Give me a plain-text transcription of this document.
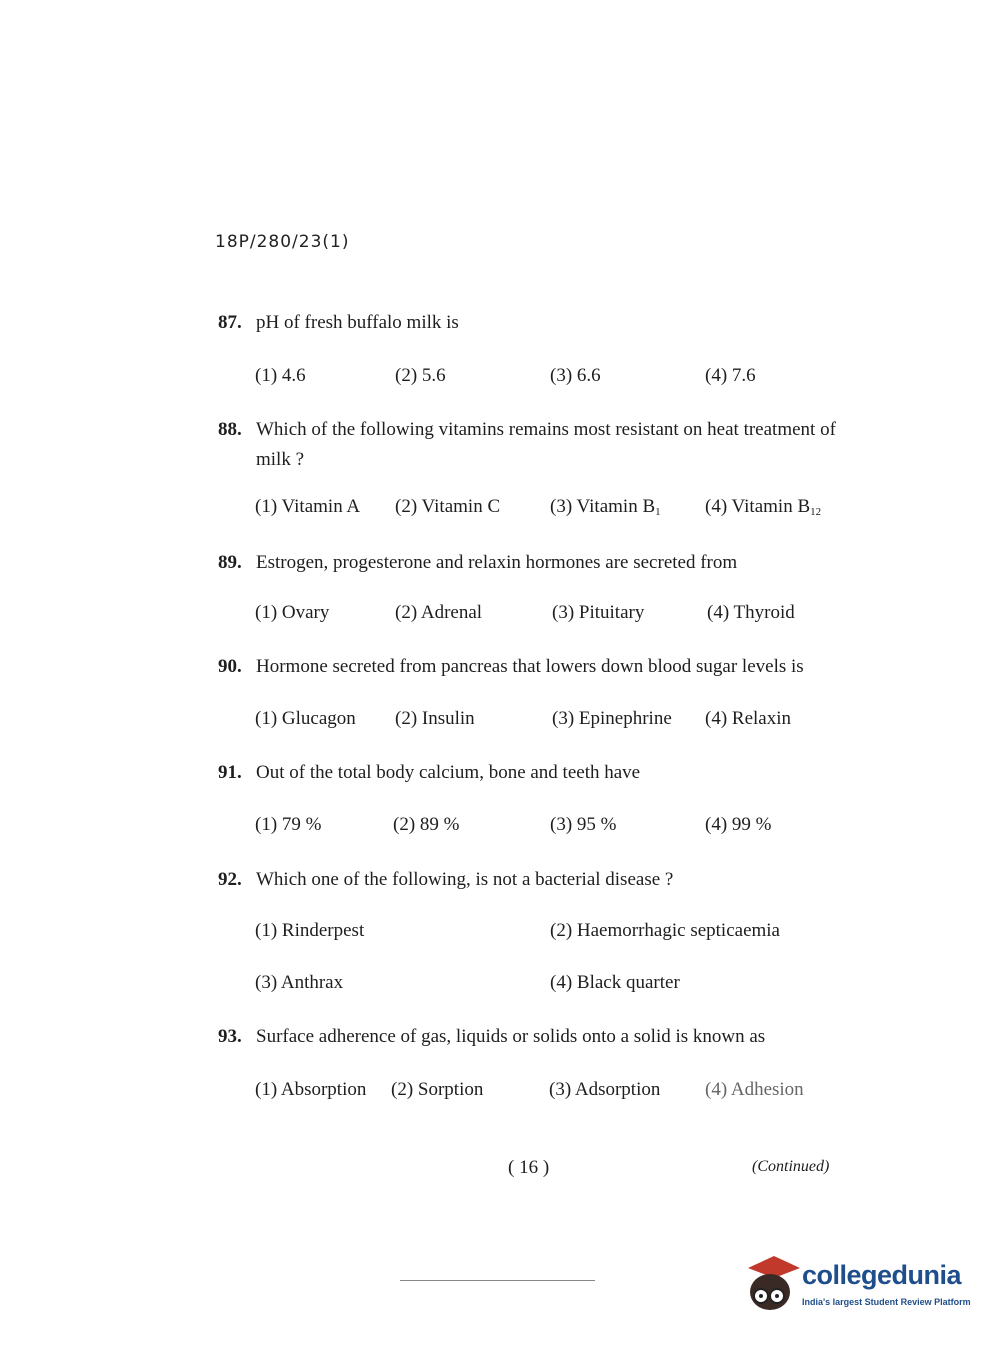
18P/280/23(1)
87. pH of fresh buffalo milk is
(1) 4.6	(2) 5.6	(3) 6.6	(4) 7.6
88. Which of the following vitamins remains most resistant on heat treatment of milk ?
(1) Vitamin A (2) Vitamin C	(3) Vitamin $B_1$ (4) Vitamin $B_{12}$
89. Estrogen, progesterone and relaxin hormones are secreted from
(1) Ovary	(2) Adrenal	(3) Pituitary	(4) Thyroid
90. Hormone secreted from pancreas that lowers down blood sugar levels is
(1) Glucagon (2) Insulin	(3) Epinephrine (4) Relaxin
91. Out of the total body calcium, bone and teeth have
(1) 79 %	(2) 89 %	(3) 95 %	(4) 99 %
92. Which one of the following, is not a bacterial disease ?
(1) Rinderpest	(2) Haemorrhagic septicaemia
(3) Anthrax	(4) Black quarter
93. Surface adherence of gas, liquids or solids onto a solid is known as
(1) Absorption (2) Sorption	(3) Adsorption (4) Adhesion
( 16 )	(Continued)
collegedunia
India's largest Student Review Platform
